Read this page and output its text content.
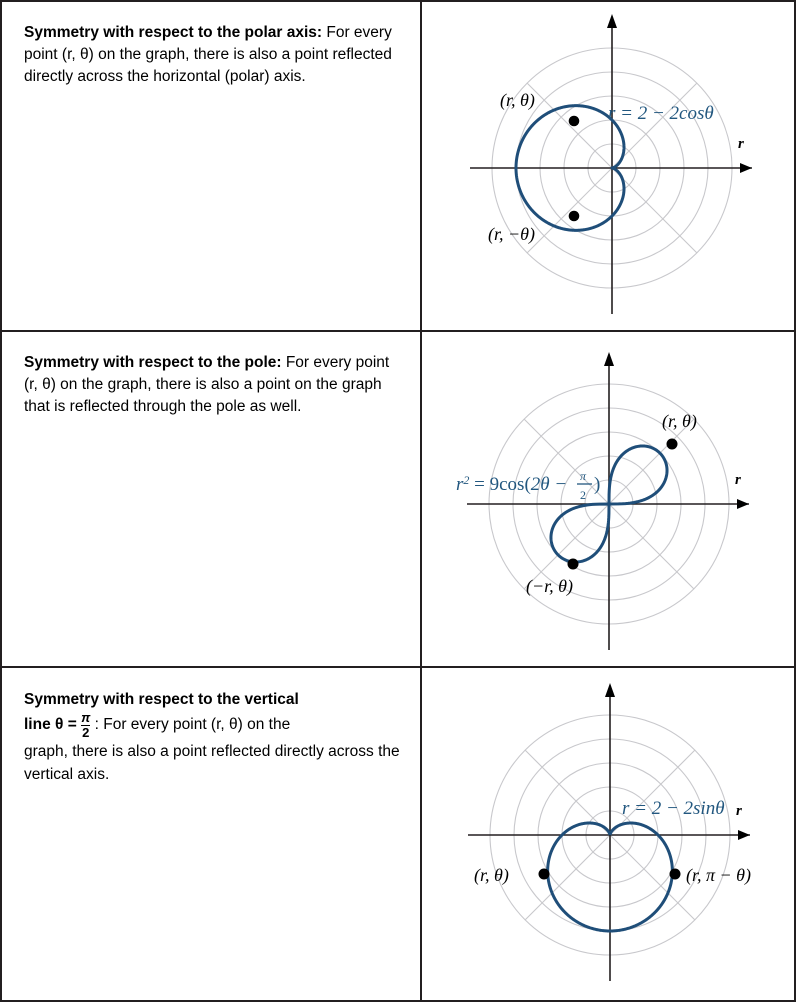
Symmetry with respect to the polar axis: For every point (r, θ) on the graph, there is also a point reflected directly across the horizontal (polar) axis.
(r, θ)
(r, −θ)
r = 2 − 2cosθ
r
Symmetry with respect to the pole: For every point (r, θ) on the graph, there is also a point on the graph that is reflected through the pole as well.
(r, θ)
(−r, θ)
$r^2 = 9\cos(2\theta - \pi$
2 )	r
Symmetry with respect to the vertical
line $\theta = \frac{\pi}{2}$ : For every point (r, θ) on the
graph, there is also a point reflected directly across the vertical axis.
(r, θ)	(r, π − θ)
r = 2 − 2sinθ r
